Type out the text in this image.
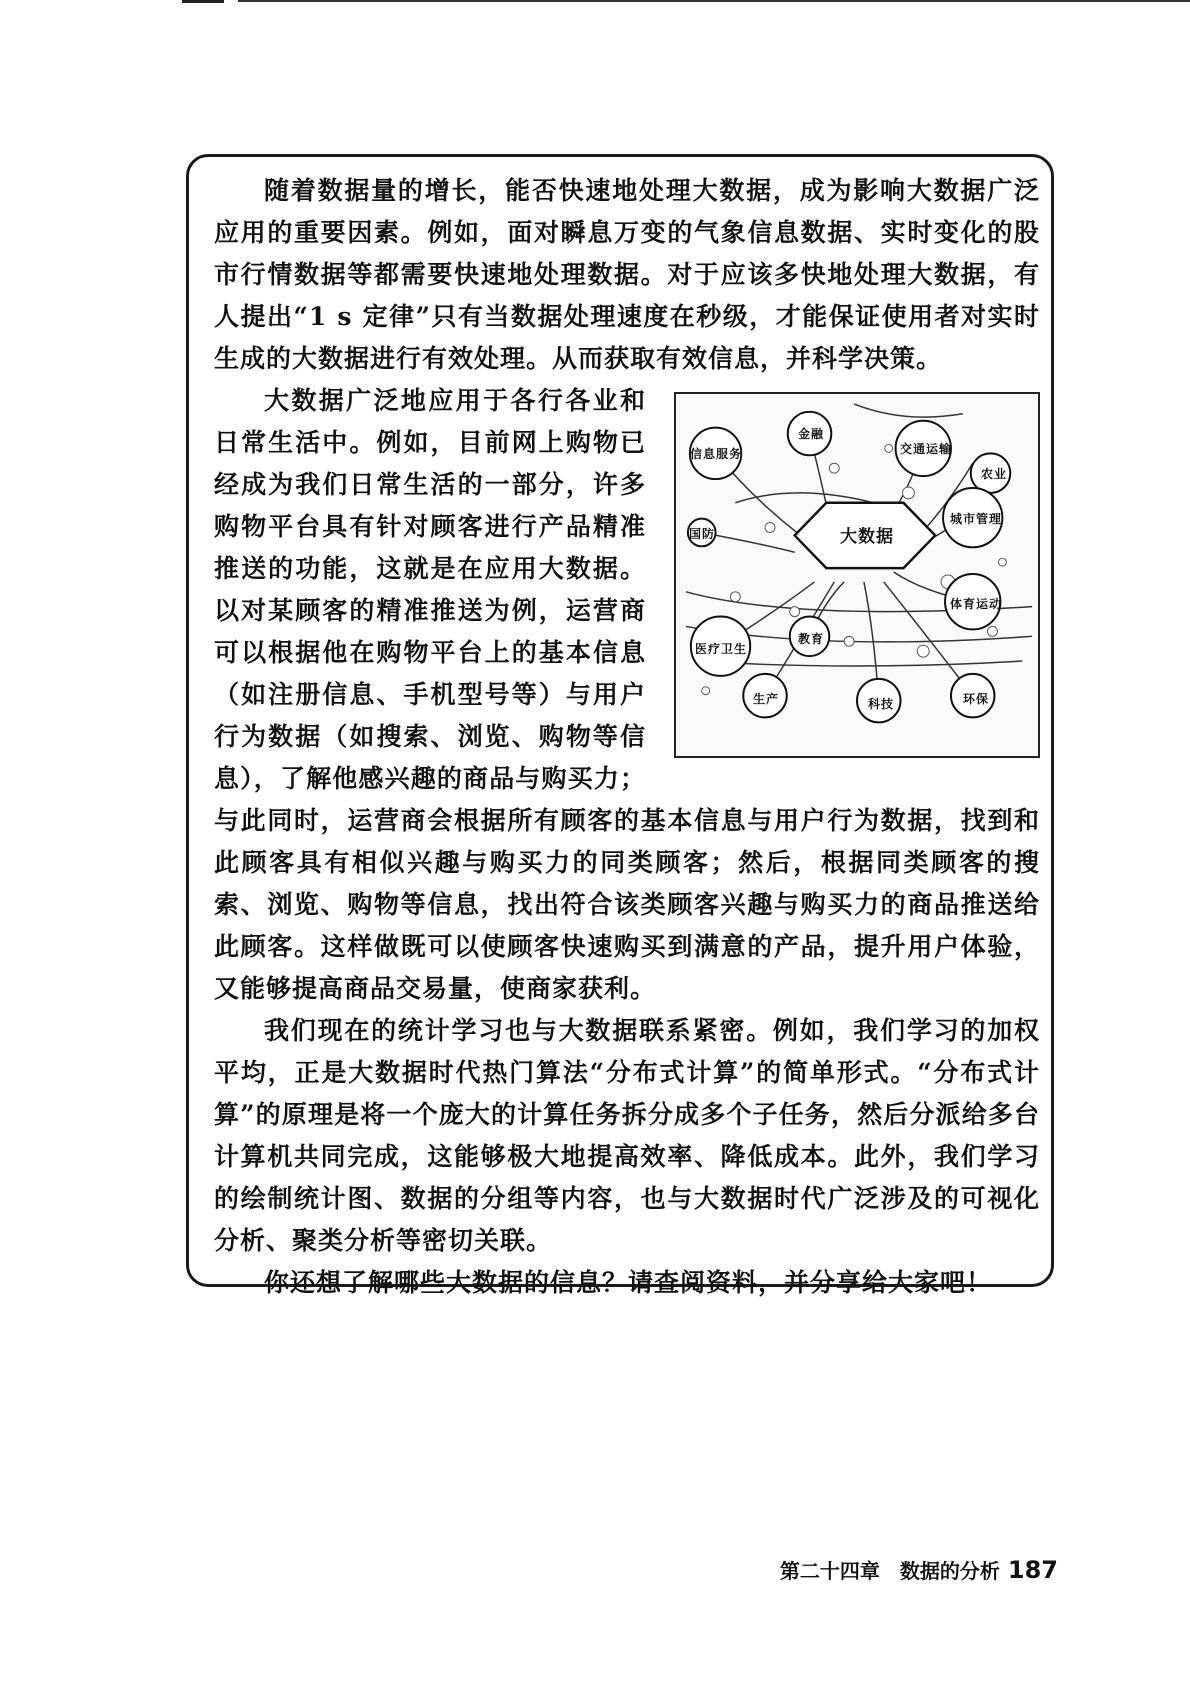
随着数据量的增长，能否快速地处理大数据，成为影响大数据广泛应用的重要因素。例如，面对瞬息万变的气象信息数据、实时变化的股市行情数据等都需要快速地处理数据。对于应该多快地处理大数据，有人提出“1 s 定律”只有当数据处理速度在秒级，才能保证使用者对实时生成的大数据进行有效处理。从而获取有效信息，并科学决策。

大数据
信息服务
金融
交通运输
农业
城市管理
国防
体育运动
医疗卫生
教育
生产	科技	环保

大数据广泛地应用于各行各业和日常生活中。例如，目前网上购物已经成为我们日常生活的一部分，许多购物平台具有针对顾客进行产品精准推送的功能，这就是在应用大数据。以对某顾客的精准推送为例，运营商可以根据他在购物平台上的基本信息（如注册信息、手机型号等）与用户行为数据（如搜索、浏览、购物等信息），了解他感兴趣的商品与购买力；与此同时，运营商会根据所有顾客的基本信息与用户行为数据，找到和此顾客具有相似兴趣与购买力的同类顾客；然后，根据同类顾客的搜索、浏览、购物等信息，找出符合该类顾客兴趣与购买力的商品推送给此顾客。这样做既可以使顾客快速购买到满意的产品，提升用户体验，又能够提高商品交易量，使商家获利。

我们现在的统计学习也与大数据联系紧密。例如，我们学习的加权平均，正是大数据时代热门算法“分布式计算”的简单形式。“分布式计算”的原理是将一个庞大的计算任务拆分成多个子任务，然后分派给多台计算机共同完成，这能够极大地提高效率、降低成本。此外，我们学习的绘制统计图、数据的分组等内容，也与大数据时代广泛涉及的可视化分析、聚类分析等密切关联。

你还想了解哪些大数据的信息？请查阅资料，并分享给大家吧！

第二十四章　数据的分析 187
